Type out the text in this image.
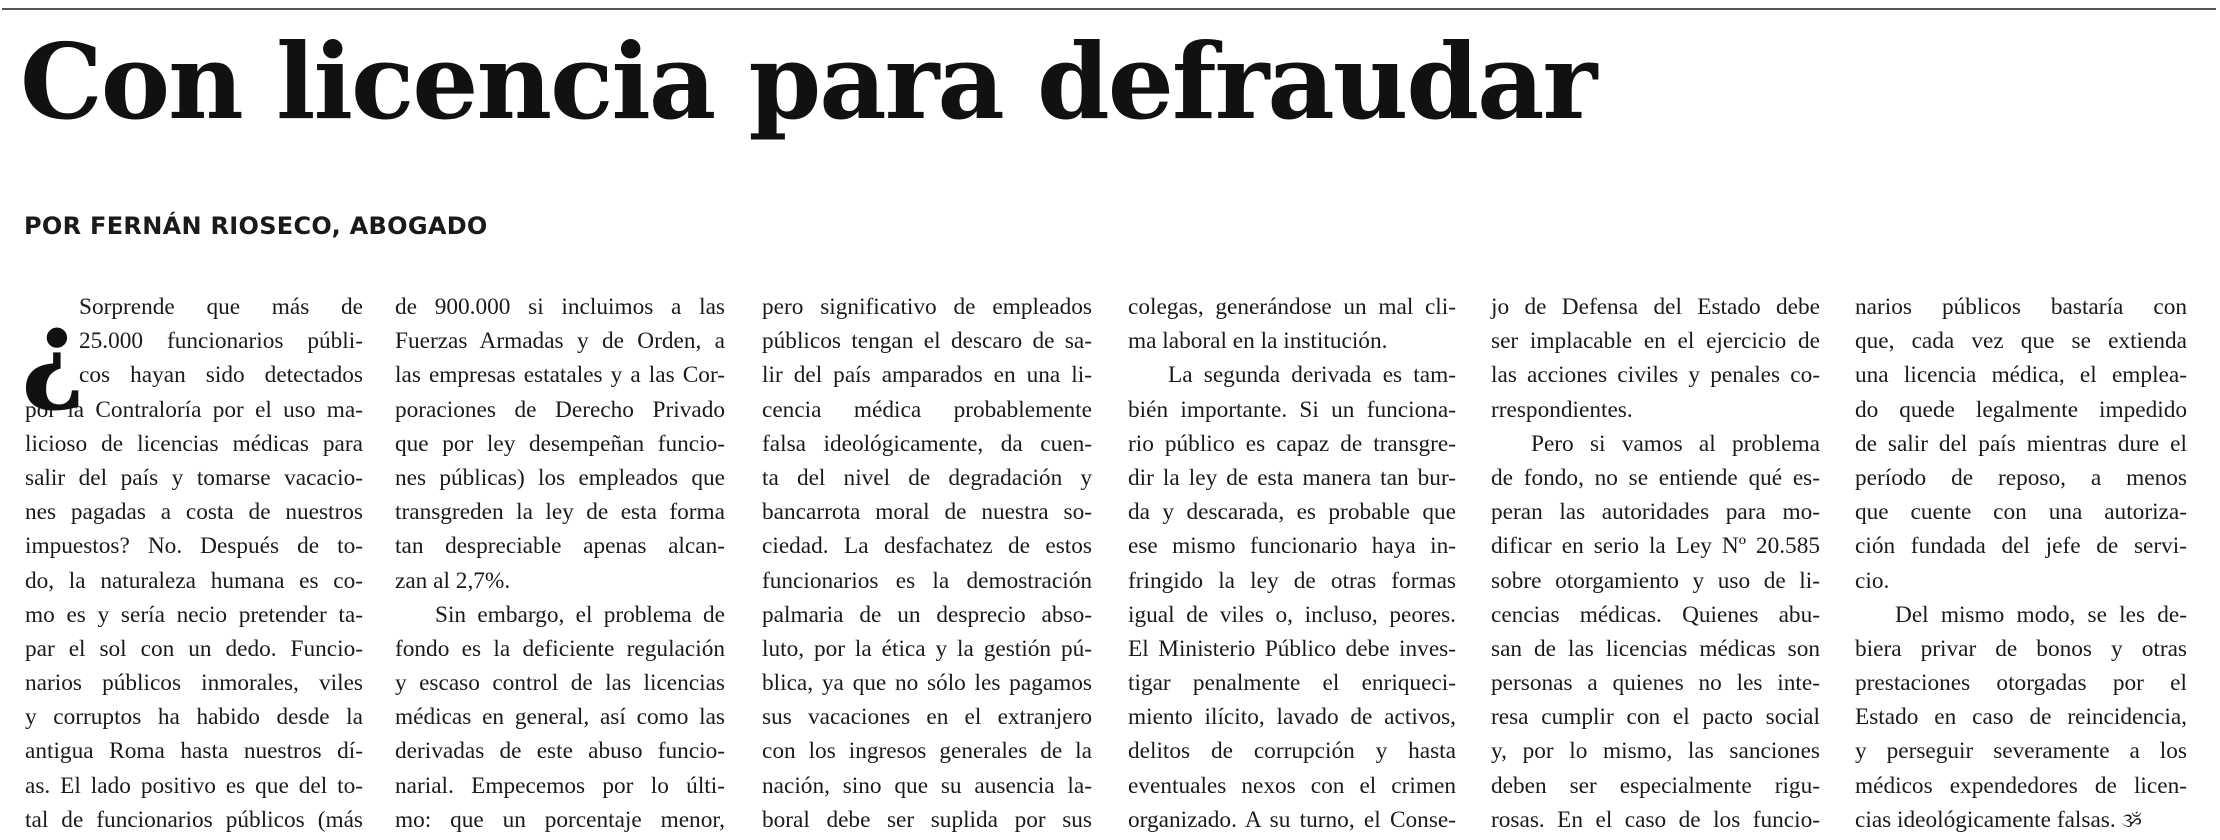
Con licencia para defraudar
POR FERNÁN RIOSECO, ABOGADO
¿
Sorprende que más de
25.000 funcionarios públi-
cos hayan sido detectados
por la Contraloría por el uso ma-
licioso de licencias médicas para
salir del país y tomarse vacacio-
nes pagadas a costa de nuestros
impuestos? No. Después de to-
do, la naturaleza humana es co-
mo es y sería necio pretender ta-
par el sol con un dedo. Funcio-
narios públicos inmorales, viles
y corruptos ha habido desde la
antigua Roma hasta nuestros dí-
as. El lado positivo es que del to-
tal de funcionarios públicos (más
de 900.000 si incluimos a las
Fuerzas Armadas y de Orden, a
las empresas estatales y a las Cor-
poraciones de Derecho Privado
que por ley desempeñan funcio-
nes públicas) los empleados que
transgreden la ley de esta forma
tan despreciable apenas alcan-
zan al 2,7%.
Sin embargo, el problema de
fondo es la deficiente regulación
y escaso control de las licencias
médicas en general, así como las
derivadas de este abuso funcio-
narial. Empecemos por lo últi-
mo: que un porcentaje menor,
pero significativo de empleados
públicos tengan el descaro de sa-
lir del país amparados en una li-
cencia médica probablemente
falsa ideológicamente, da cuen-
ta del nivel de degradación y
bancarrota moral de nuestra so-
ciedad. La desfachatez de estos
funcionarios es la demostración
palmaria de un desprecio abso-
luto, por la ética y la gestión pú-
blica, ya que no sólo les pagamos
sus vacaciones en el extranjero
con los ingresos generales de la
nación, sino que su ausencia la-
boral debe ser suplida por sus
colegas, generándose un mal cli-
ma laboral en la institución.
La segunda derivada es tam-
bién importante. Si un funciona-
rio público es capaz de transgre-
dir la ley de esta manera tan bur-
da y descarada, es probable que
ese mismo funcionario haya in-
fringido la ley de otras formas
igual de viles o, incluso, peores.
El Ministerio Público debe inves-
tigar penalmente el enriqueci-
miento ilícito, lavado de activos,
delitos de corrupción y hasta
eventuales nexos con el crimen
organizado. A su turno, el Conse-
jo de Defensa del Estado debe
ser implacable en el ejercicio de
las acciones civiles y penales co-
rrespondientes.
Pero si vamos al problema
de fondo, no se entiende qué es-
peran las autoridades para mo-
dificar en serio la Ley Nº 20.585
sobre otorgamiento y uso de li-
cencias médicas. Quienes abu-
san de las licencias médicas son
personas a quienes no les inte-
resa cumplir con el pacto social
y, por lo mismo, las sanciones
deben ser especialmente rigu-
rosas. En el caso de los funcio-
narios públicos bastaría con
que, cada vez que se extienda
una licencia médica, el emplea-
do quede legalmente impedido
de salir del país mientras dure el
período de reposo, a menos
que cuente con una autoriza-
ción fundada del jefe de servi-
cio.
Del mismo modo, se les de-
biera privar de bonos y otras
prestaciones otorgadas por el
Estado en caso de reincidencia,
y perseguir severamente a los
médicos expendedores de licen-
cias ideológicamente falsas. ૐ
